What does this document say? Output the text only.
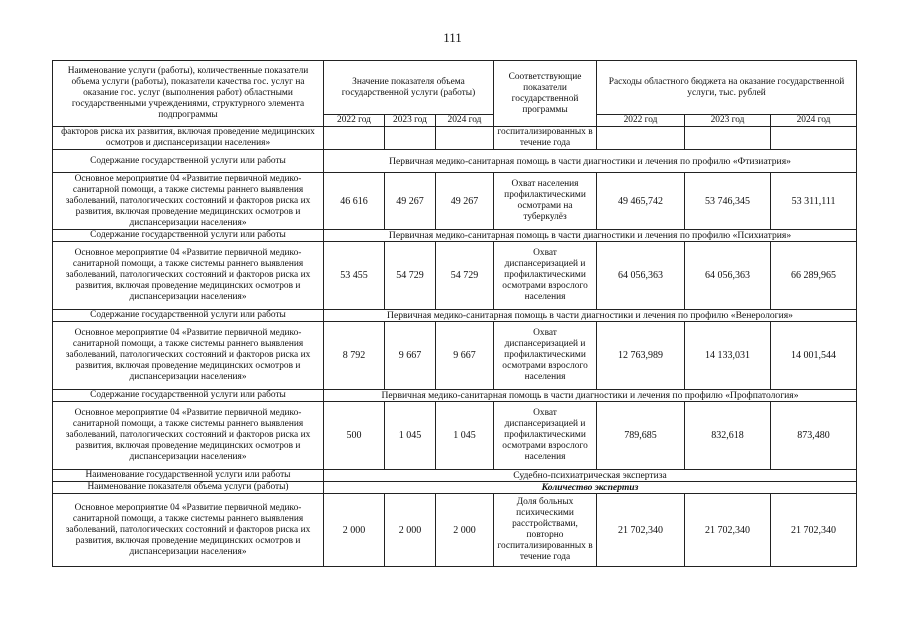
111
Наименование услуги (работы), количественные показатели объема услуги (работы), показатели качества гос. услуг на оказание гос. услуг (выполнения работ) областными государственными учреждениями, структурного элемента подпрограммы	Значение показателя объема государственной услуги (работы)			Соответствующие показатели государственной программы	Расходы областного бюджета на оказание государственной услуги, тыс. рублей		
	2022 год	2023 год	2024 год		2022 год	2023 год	2024 год
факторов риска их развития, включая проведение медицинских осмотров и диспансеризации населения»				госпитализированных в течение года			
Содержание государственной услуги или работы	Первичная медико-санитарная помощь в части диагностики и лечения по профилю «Фтизиатрия»						
Основное мероприятие 04 «Развитие первичной медико-санитарной помощи, а также системы раннего выявления заболеваний, патологических состояний и факторов риска их развития, включая проведение медицинских осмотров и диспансеризации населения»	46 616	49 267	49 267	Охват населения профилактическими осмотрами на туберкулёз	49 465,742	53 746,345	53 311,111
Содержание государственной услуги или работы	Первичная медико-санитарная помощь в части диагностики и лечения по профилю «Психиатрия»						
Основное мероприятие 04 «Развитие первичной медико-санитарной помощи, а также системы раннего выявления заболеваний, патологических состояний и факторов риска их развития, включая проведение медицинских осмотров и диспансеризации населения»	53 455	54 729	54 729	Охват диспансеризацией и профилактическими осмотрами взрослого населения	64 056,363	64 056,363	66 289,965
Содержание государственной услуги или работы	Первичная медико-санитарная помощь в части диагностики и лечения по профилю «Венерология»						
Основное мероприятие 04 «Развитие первичной медико-санитарной помощи, а также системы раннего выявления заболеваний, патологических состояний и факторов риска их развития, включая проведение медицинских осмотров и диспансеризации населения»	8 792	9 667	9 667	Охват диспансеризацией и профилактическими осмотрами взрослого населения	12 763,989	14 133,031	14 001,544
Содержание государственной услуги или работы	Первичная медико-санитарная помощь в части диагностики и лечения по профилю «Профпатология»						
Основное мероприятие 04 «Развитие первичной медико-санитарной помощи, а также системы раннего выявления заболеваний, патологических состояний и факторов риска их развития, включая проведение медицинских осмотров и диспансеризации населения»	500	1 045	1 045	Охват диспансеризацией и профилактическими осмотрами взрослого населения	789,685	832,618	873,480
Наименование государственной услуги или работы	Судебно-психиатрическая экспертиза						
Наименование показателя объема услуги (работы)	Количество экспертиз						
Основное мероприятие 04 «Развитие первичной медико-санитарной помощи, а также системы раннего выявления заболеваний, патологических состояний и факторов риска их развития, включая проведение медицинских осмотров и диспансеризации населения»	2 000	2 000	2 000	Доля больных психическими расстройствами, повторно госпитализированных в течение года	21 702,340	21 702,340	21 702,340
